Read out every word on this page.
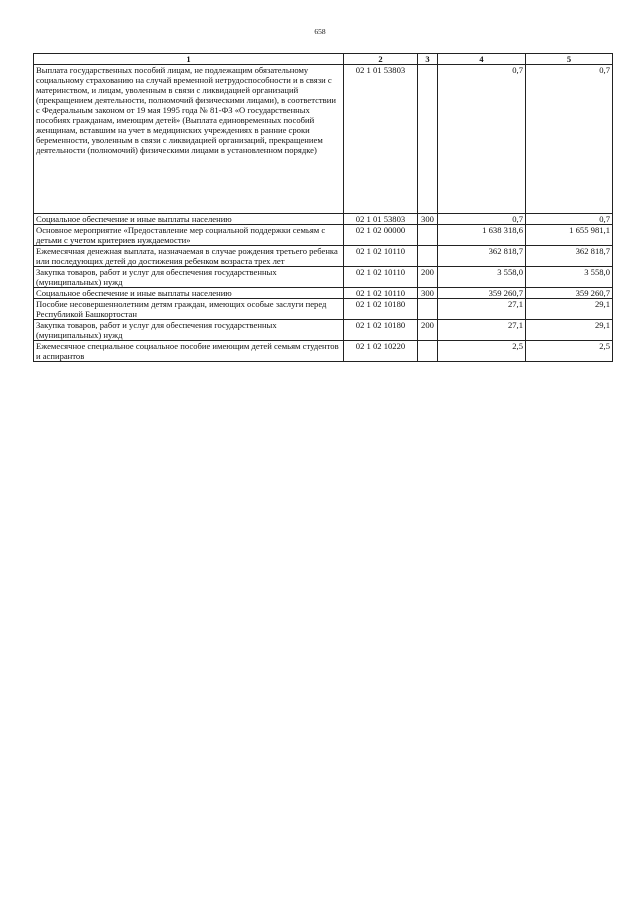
658
1	2	3	4	5
Выплата государственных пособий лицам, не подлежащим обязательному социальному страхованию на случай временной нетрудоспособности и в связи с материнством, и лицам, уволенным в связи с ликвидацией организаций (прекращением деятельности, полномочий физическими лицами), в соответствии с Федеральным законом от 19 мая 1995 года № 81-ФЗ «О государственных пособиях гражданам, имеющим детей» (Выплата единовременных пособий женщинам, вставшим на учет в медицинских учреждениях в ранние сроки беременности, уволенным в связи с ликвидацией организаций, прекращением деятельности (полномочий) физическими лицами в установленном порядке)	02 1 01 53803		0,7	0,7
Социальное обеспечение и иные выплаты населению	02 1 01 53803	300	0,7	0,7
Основное мероприятие «Предоставление мер социальной поддержки семьям с детьми с учетом критериев нуждаемости»	02 1 02 00000		1 638 318,6	1 655 981,1
Ежемесячная денежная выплата, назначаемая в случае рождения третьего ребенка или последующих детей до достижения ребенком возраста трех лет	02 1 02 10110		362 818,7	362 818,7
Закупка товаров, работ и услуг для обеспечения государственных (муниципальных) нужд	02 1 02 10110	200	3 558,0	3 558,0
Социальное обеспечение и иные выплаты населению	02 1 02 10110	300	359 260,7	359 260,7
Пособие несовершеннолетним детям граждан, имеющих особые заслуги перед Республикой Башкортостан	02 1 02 10180		27,1	29,1
Закупка товаров, работ и услуг для обеспечения государственных (муниципальных) нужд	02 1 02 10180	200	27,1	29,1
Ежемесячное специальное социальное пособие имеющим детей семьям студентов и аспирантов	02 1 02 10220		2,5	2,5
